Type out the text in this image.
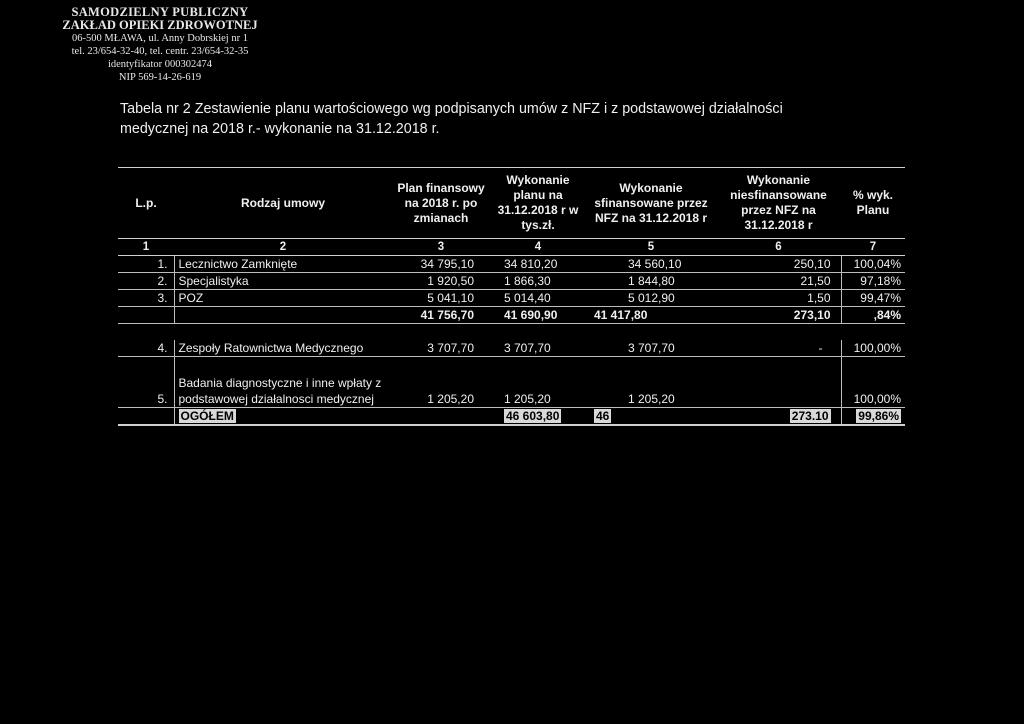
SAMODZIELNY PUBLICZNY
ZAKŁAD OPIEKI ZDROWOTNEJ
06-500 MŁAWA, ul. Anny Dobrskiej nr 1
tel. 23/654-32-40, tel. centr. 23/654-32-35
identyfikator 000302474
NIP 569-14-26-619
Tabela nr 2 Zestawienie planu wartościowego wg podpisanych umów z NFZ i z podstawowej działalności
medycznej na 2018 r.- wykonanie na 31.12.2018 r.
L.p.	Rodzaj umowy	Plan finansowy na 2018 r. po zmianach	Wykonanie planu na 31.12.2018 r w tys.zł.	Wykonanie sfinansowane przez NFZ na 31.12.2018 r	Wykonanie niesfinansowane przez NFZ na 31.12.2018 r	% wyk. Planu
1	2	3	4	5	6	7
1.	Lecznictwo Zamknięte	34 795,10	34 810,20	34 560,10	250,10	100,04%
2.	Specjalistyka	1 920,50	1 866,30	1 844,80	21,50	97,18%
3.	POZ	5 041,10	5 014,40	5 012,90	1,50	99,47%
		41 756,70	41 690,90	41 417,80	273,10	,84%

4.	Zespoły Ratownictwa Medycznego	3 707,70	3 707,70	3 707,70	-	100,00%
5.	Badania diagnostyczne i inne wpłaty z podstawowej działalnosci medycznej	1 205,20	1 205,20	1 205,20		100,00%
	OGÓŁEM		46 603,80	46	273.10	99,86%
